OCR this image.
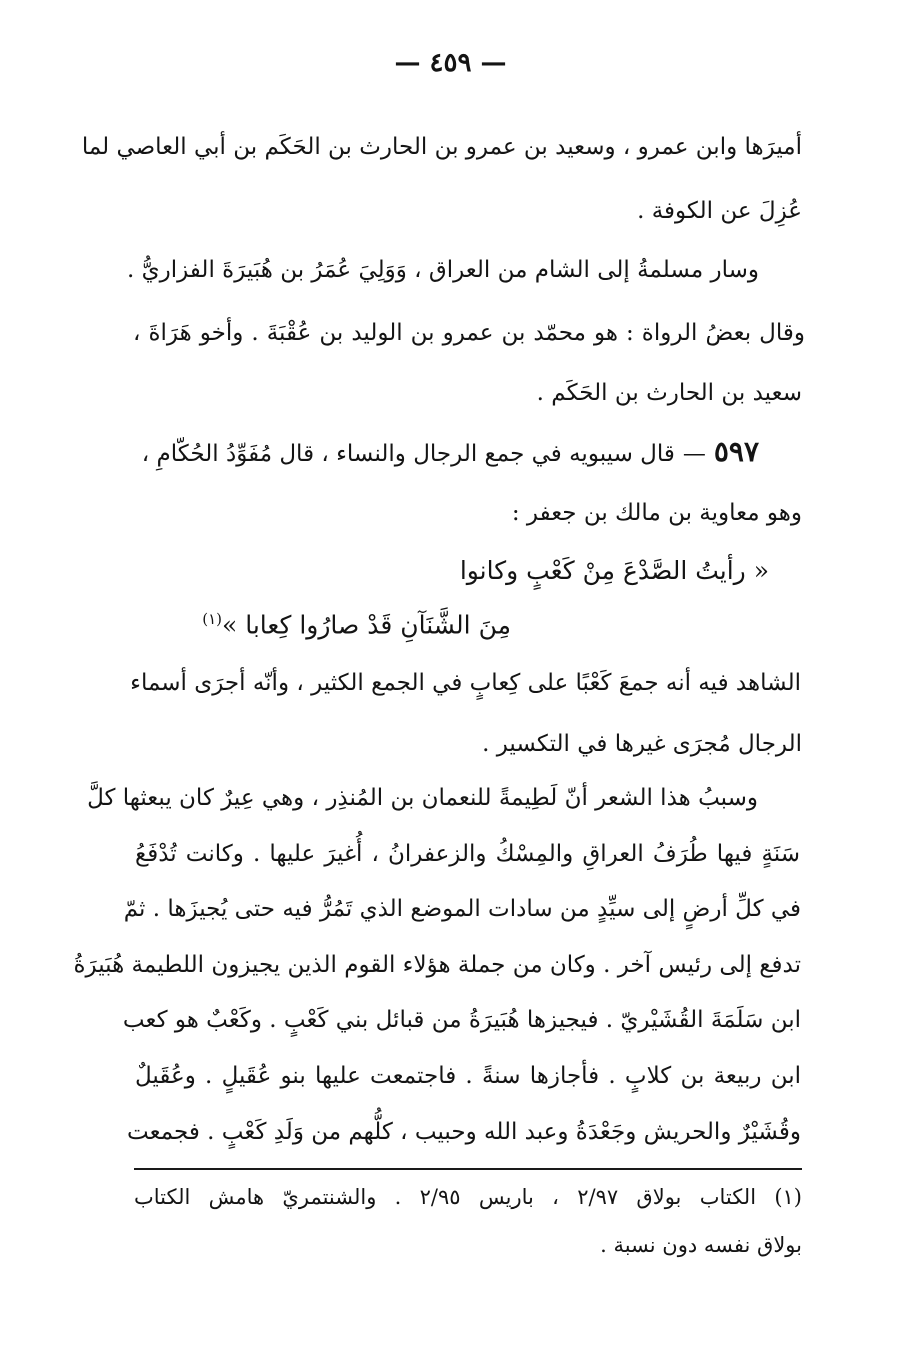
— ٤٥٩ —
أميرَها وابن عمرو ، وسعيد بن عمرو بن الحارث بن الحَكَم بن أبي العاصي لما
عُزِلَ عن الكوفة .
وسار مسلمةُ إلى الشام من العراق ، وَوَلِيَ عُمَرُ بن هُبَيرَةَ الفزاريُّ .
وقال بعضُ الرواة : هو محمّد بن عمرو بن الوليد بن عُقْبَةَ . وأخو هَرَاةَ ،
سعيد بن الحارث بن الحَكَم .
٥٩٧—قال سيبويه في جمع الرجال والنساء ، قال مُفَوِّدُ الحُكّامِ ،
وهو معاوية بن مالك بن جعفر :
« رأيتُ الصَّدْعَ مِنْ كَعْبٍ وكانوا
مِنَ الشَّنَآنِ قَدْ صارُوا كِعابا »$^{(١)}$
الشاهد فيه أنه جمعَ كَعْبًا على كِعابٍ في الجمع الكثير ، وأنّه أجرَى أسماء
الرجال مُجرَى غيرها في التكسير .
وسببُ هذا الشعر أنّ لَطِيمةً للنعمان بن المُنذِر ، وهي عِيرٌ كان يبعثها كلَّ
سَنَةٍ فيها طُرَفُ العراقِ والمِسْكُ والزعفرانُ ، أُغيرَ عليها . وكانت تُدْفَعُ
في كلِّ أرضٍ إلى سيِّدٍ من سادات الموضع الذي تَمُرُّ فيه حتى يُجيزَها . ثمّ
تدفع إلى رئيس آخر . وكان من جملة هؤلاء القوم الذين يجيزون اللطيمة هُبَيرَةُ
ابن سَلَمَةَ القُشَيْريّ . فيجيزها هُبَيرَةُ من قبائل بني كَعْبٍ . وكَعْبٌ هو كعب
ابن ربيعة بن كلابٍ . فأجازها سنةً . فاجتمعت عليها بنو عُقَيلٍ . وعُقَيلٌ
وقُشَيْرٌ والحريش وجَعْدَةُ وعبد الله وحبيب ، كلُّهم من وَلَدِ كَعْبٍ . فجمعت
(١) الكتاب بولاق ٢/٩٧ ، باريس ٢/٩٥ . والشنتمريّ هامش الكتاب
بولاق نفسه دون نسبة .
